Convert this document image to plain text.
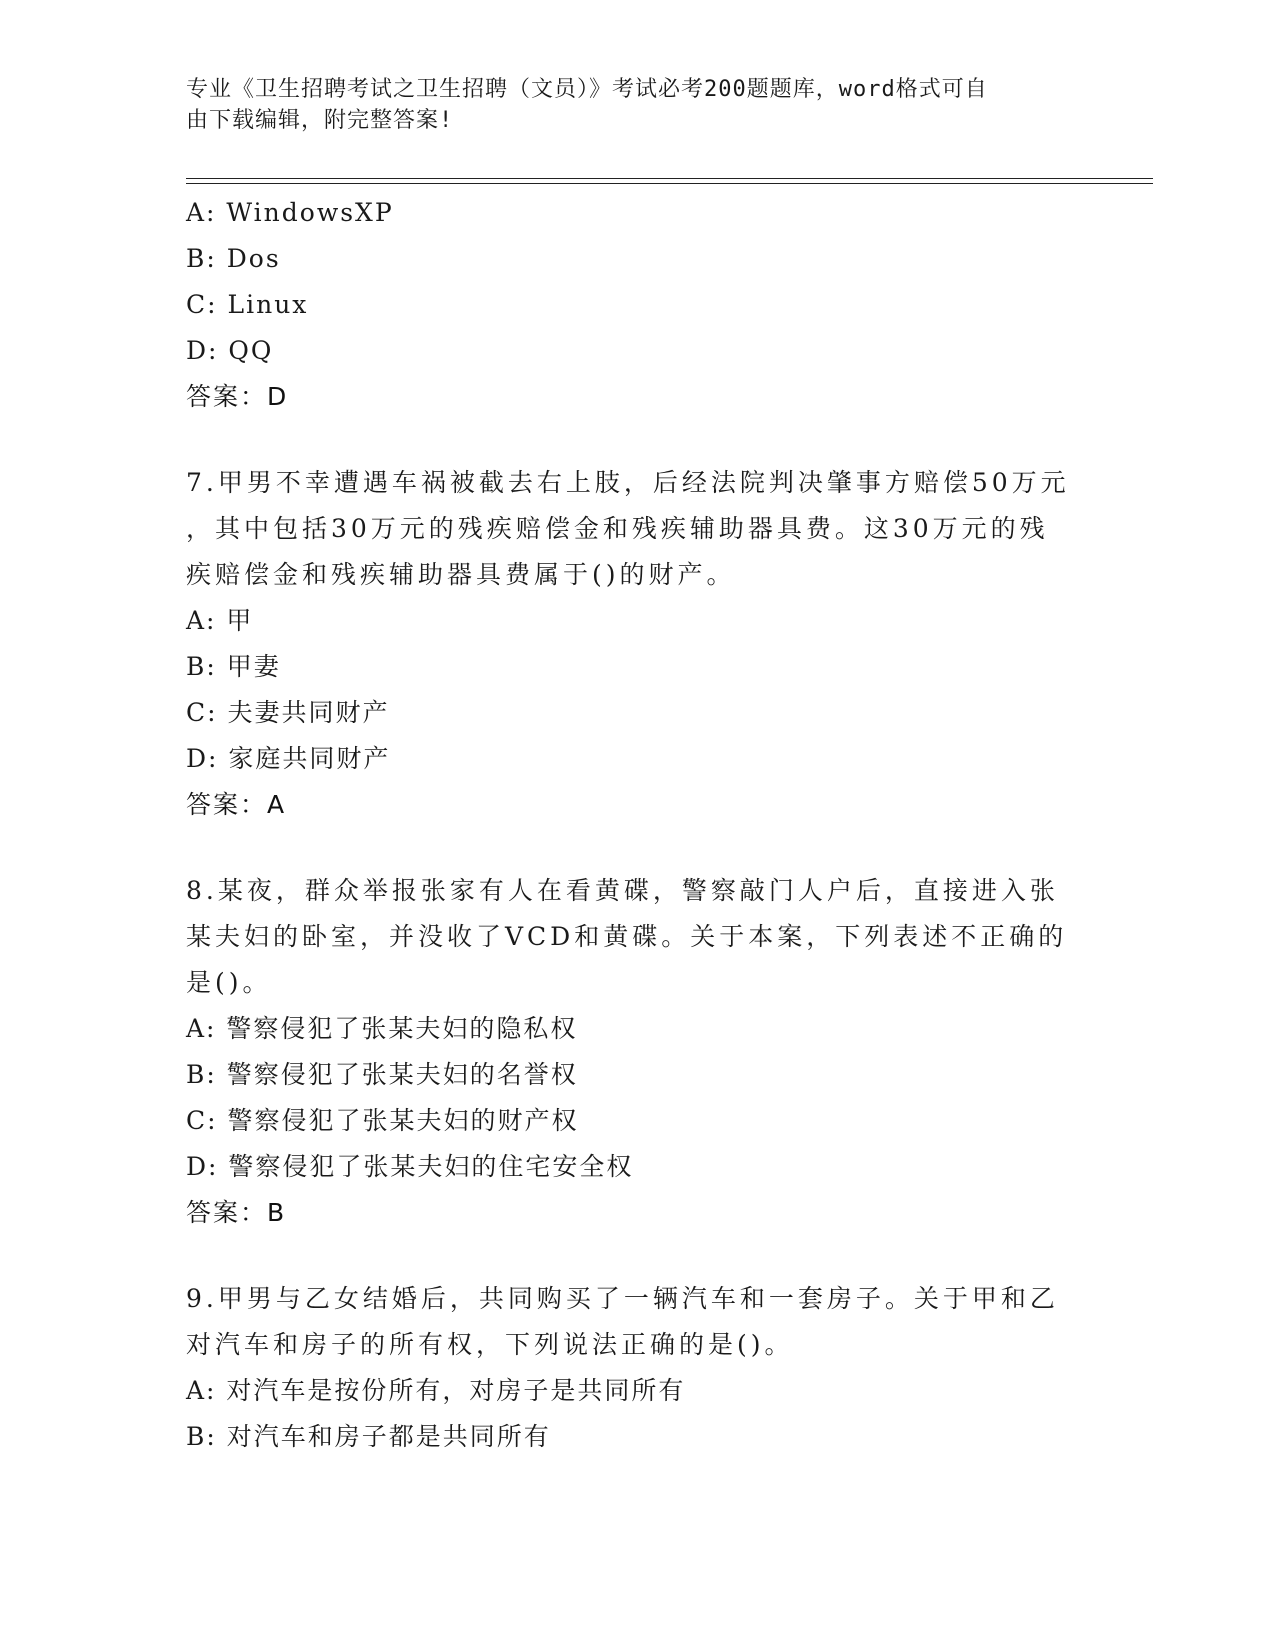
专业《卫生招聘考试之卫生招聘（文员）》考试必考200题题库，word格式可自
由下载编辑，附完整答案!
A: WindowsXP
B: Dos
C: Linux
D: QQ
答案：D
7.甲男不幸遭遇车祸被截去右上肢，后经法院判决肇事方赔偿50万元
，其中包括30万元的残疾赔偿金和残疾辅助器具费。这30万元的残
疾赔偿金和残疾辅助器具费属于()的财产。
A: 甲
B: 甲妻
C: 夫妻共同财产
D: 家庭共同财产
答案：A
8.某夜，群众举报张家有人在看黄碟，警察敲门人户后，直接进入张
某夫妇的卧室，并没收了VCD和黄碟。关于本案，下列表述不正确的
是()。
A: 警察侵犯了张某夫妇的隐私权
B: 警察侵犯了张某夫妇的名誉权
C: 警察侵犯了张某夫妇的财产权
D: 警察侵犯了张某夫妇的住宅安全权
答案：B
9.甲男与乙女结婚后，共同购买了一辆汽车和一套房子。关于甲和乙
对汽车和房子的所有权，下列说法正确的是()。
A: 对汽车是按份所有，对房子是共同所有
B: 对汽车和房子都是共同所有
